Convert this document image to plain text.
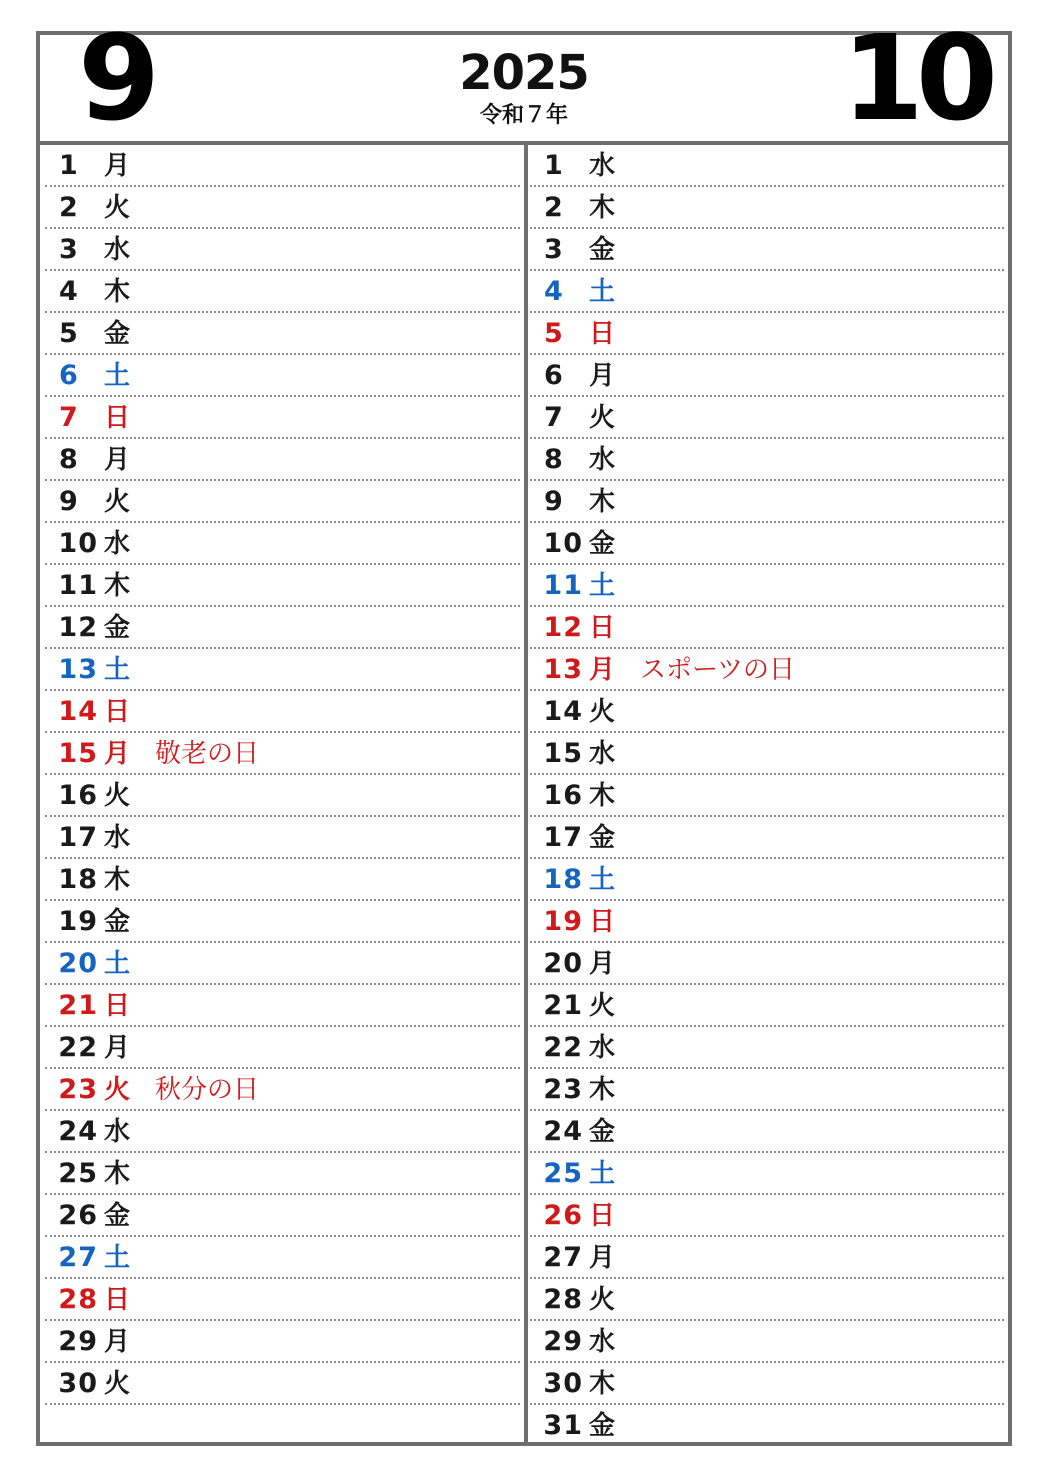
9	2025
令和７年	10
1 月
2 火
3 水
4 木
5 金
6 土
7 日
8 月
9 火
10 水
11 木
12 金
13 土
14 日
15 月 敬老の日
16 火
17 水
18 木
19 金
20 土
21 日
22 月
23 火 秋分の日
24 水
25 木
26 金
27 土
28 日
29 月
30 火
1 水
2 木
3 金
4 土
5 日
6 月
7 火
8 水
9 木
10 金
11 土
12 日
13 月 スポーツの日
14 火
15 水
16 木
17 金
18 土
19 日
20 月
21 火
22 水
23 木
24 金
25 土
26 日
27 月
28 火
29 水
30 木
31 金
